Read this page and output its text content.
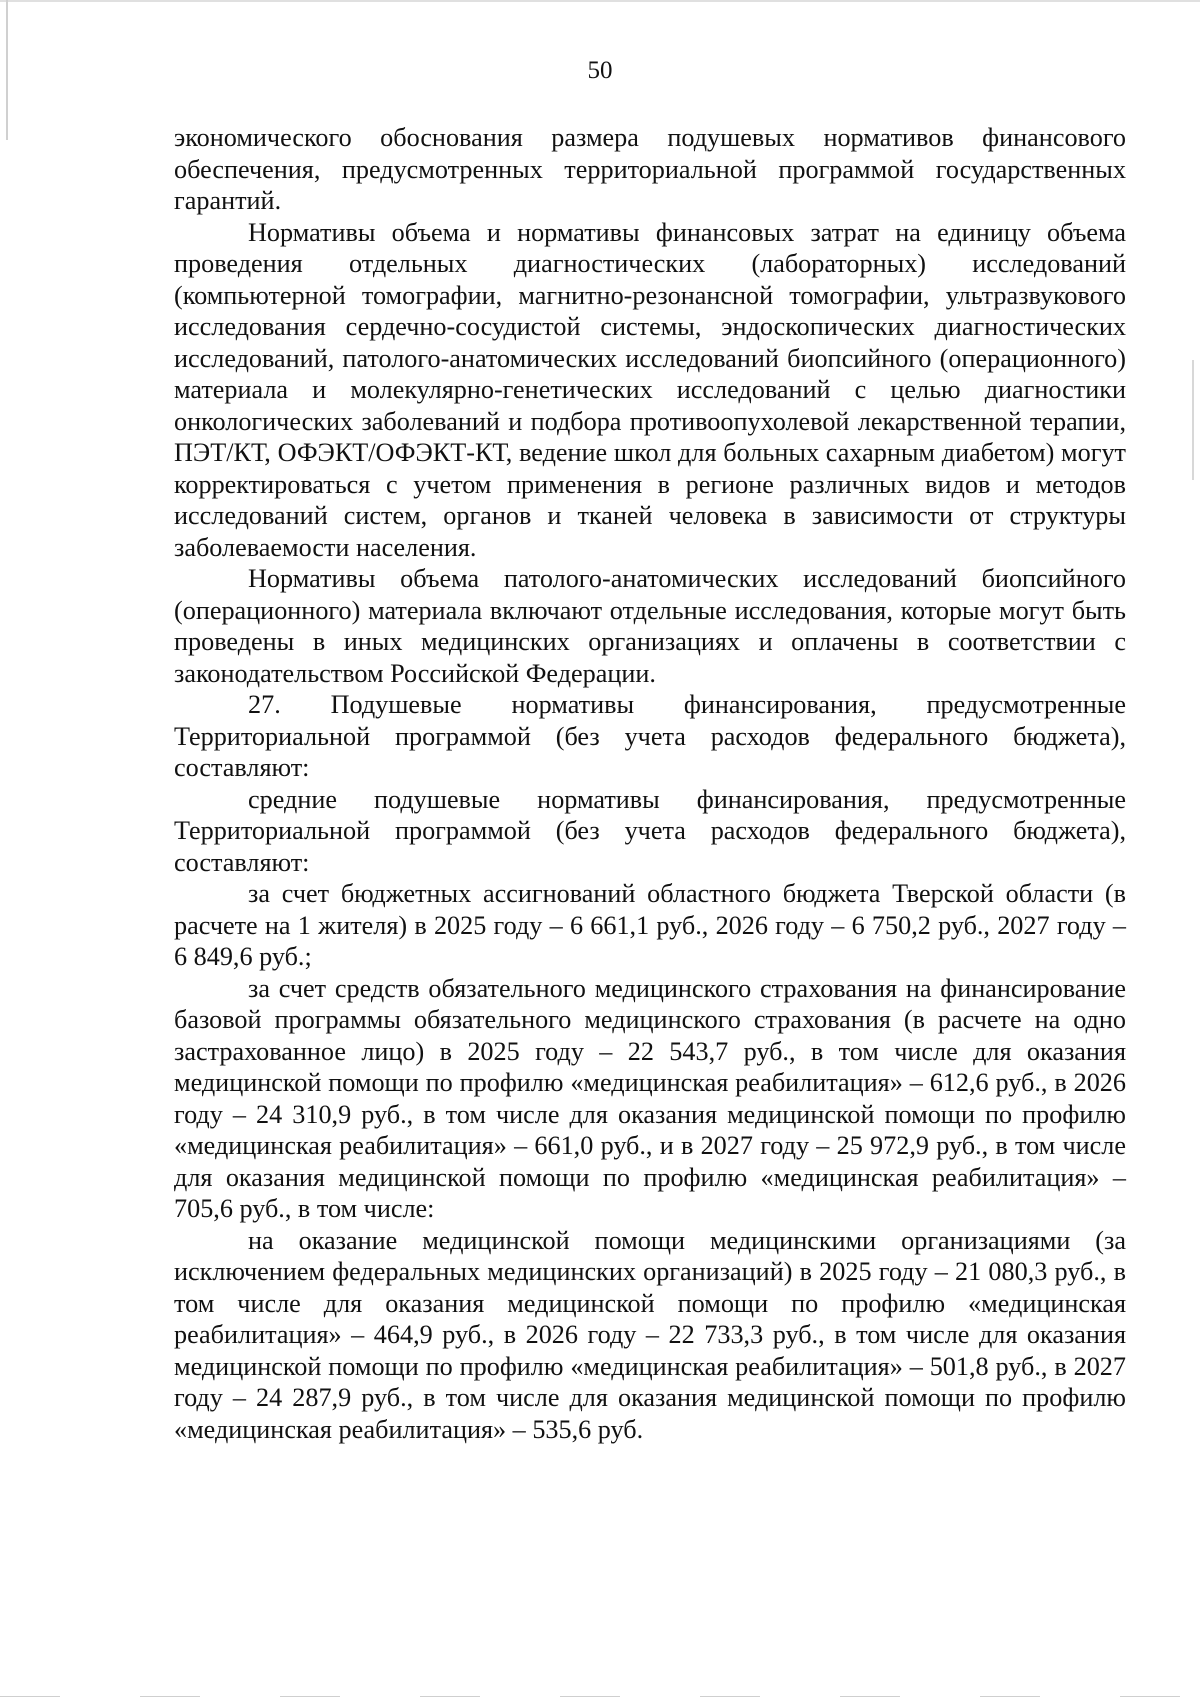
50

экономического обоснования размера подушевых нормативов финансового обеспечения, предусмотренных территориальной программой государственных гарантий.

Нормативы объема и нормативы финансовых затрат на единицу объема проведения отдельных диагностических (лабораторных) исследований (компьютерной томографии, магнитно-резонансной томографии, ультразвукового исследования сердечно-сосудистой системы, эндоскопических диагностических исследований, патолого-анатомических исследований биопсийного (операционного) материала и молекулярно-генетических исследований с целью диагностики онкологических заболеваний и подбора противоопухолевой лекарственной терапии, ПЭТ/КТ, ОФЭКТ/ОФЭКТ-КТ, ведение школ для больных сахарным диабетом) могут корректироваться с учетом применения в регионе различных видов и методов исследований систем, органов и тканей человека в зависимости от структуры заболеваемости населения.

Нормативы объема патолого-анатомических исследований биопсийного (операционного) материала включают отдельные исследования, которые могут быть проведены в иных медицинских организациях и оплачены в соответствии с законодательством Российской Федерации.

27. Подушевые нормативы финансирования, предусмотренные Территориальной программой (без учета расходов федерального бюджета), составляют:

средние подушевые нормативы финансирования, предусмотренные Территориальной программой (без учета расходов федерального бюджета), составляют:

за счет бюджетных ассигнований областного бюджета Тверской области (в расчете на 1 жителя) в 2025 году – 6 661,1 руб., 2026 году – 6 750,2 руб., 2027 году – 6 849,6 руб.;

за счет средств обязательного медицинского страхования на финансирование базовой программы обязательного медицинского страхования (в расчете на одно застрахованное лицо) в 2025 году – 22 543,7 руб., в том числе для оказания медицинской помощи по профилю «медицинская реабилитация» – 612,6 руб., в 2026 году – 24 310,9 руб., в том числе для оказания медицинской помощи по профилю «медицинская реабилитация» – 661,0 руб., и в 2027 году – 25 972,9 руб., в том числе для оказания медицинской помощи по профилю «медицинская реабилитация» – 705,6 руб., в том числе:

на оказание медицинской помощи медицинскими организациями (за исключением федеральных медицинских организаций) в 2025 году – 21 080,3 руб., в том числе для оказания медицинской помощи по профилю «медицинская реабилитация» – 464,9 руб., в 2026 году – 22 733,3 руб., в том числе для оказания медицинской помощи по профилю «медицинская реабилитация» – 501,8 руб., в 2027 году – 24 287,9 руб., в том числе для оказания медицинской помощи по профилю «медицинская реабилитация» – 535,6 руб.
